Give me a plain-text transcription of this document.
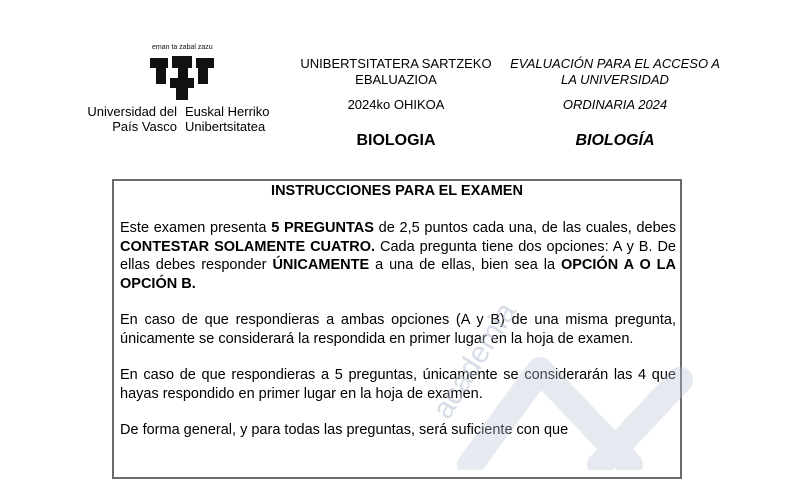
eman ta zabal zazu
Universidad del País Vasco
Euskal Herriko Unibertsitatea
UNIBERTSITATERA SARTZEKO EBALUAZIOA
2024ko OHIKOA
BIOLOGIA
EVALUACIÓN PARA EL ACCESO A LA UNIVERSIDAD
ORDINARIA 2024
BIOLOGÍA
INSTRUCCIONES PARA EL EXAMEN

Este examen presenta 5 PREGUNTAS de 2,5 puntos cada una, de las cuales, debes CONTESTAR SOLAMENTE CUATRO. Cada pregunta tiene dos opciones: A y B. De ellas debes responder ÚNICAMENTE a una de ellas, bien sea la OPCIÓN A O LA OPCIÓN B.

En caso de que respondieras a ambas opciones (A y B) de una misma pregunta, únicamente se considerará la respondida en primer lugar en la hoja de examen.

En caso de que respondieras a 5 preguntas, únicamente se considerarán las 4 que hayas respondido en primer lugar en la hoja de examen.

De forma general, y para todas las preguntas, será suficiente con que

academia
